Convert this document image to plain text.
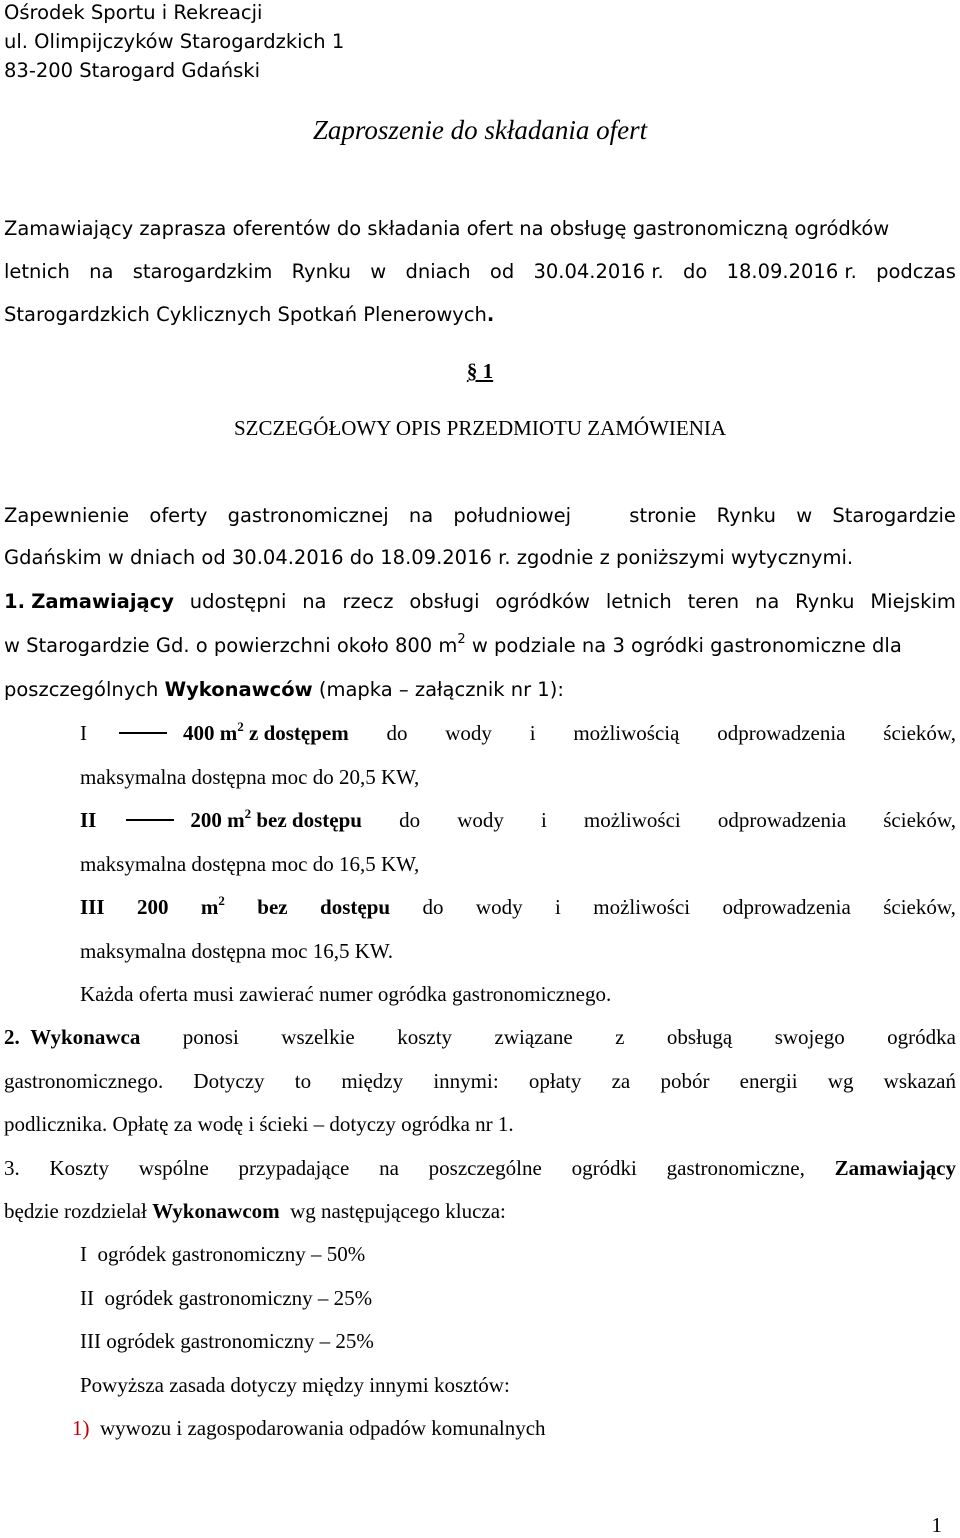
Ośrodek Sportu i Rekreacji
ul. Olimpijczyków Starogardzkich 1
83-200 Starogard Gdański
Zaproszenie do składania ofert
Zamawiający zaprasza oferentów do składania ofert na obsługę gastronomiczną ogródków
letnich na starogardzkim Rynku w dniach od 30.04.2016 r. do 18.09.2016 r. podczas
Starogardzkich Cyklicznych Spotkań Plenerowych.
§ 1
SZCZEGÓŁOWY OPIS PRZEDMIOTU ZAMÓWIENIA
Zapewnienie oferty gastronomicznej na południowej	stronie Rynku w Starogardzie
Gdańskim w dniach od 30.04.2016 do 18.09.2016 r. zgodnie z poniższymi wytycznymi.
1. Zamawiający udostępni na rzecz obsługi ogródków letnich teren na Rynku Miejskim
w Starogardzie Gd. o powierzchni około 800 $m^2$ w podziale na 3 ogródki gastronomiczne dla
poszczególnych Wykonawców (mapka – załącznik nr 1):
I	400 $m^2$ z dostępem do wody i możliwością odprowadzenia ścieków,
maksymalna dostępna moc do 20,5 KW,
II	200 $m^2$ bez dostępu do wody i możliwości odprowadzenia ścieków,
maksymalna dostępna moc do 16,5 KW,
III 200 $m^2$ bez dostępu do wody i możliwości odprowadzenia ścieków,
maksymalna dostępna moc 16,5 KW.
Każda oferta musi zawierać numer ogródka gastronomicznego.
2. Wykonawca ponosi wszelkie koszty związane z obsługą swojego ogródka
gastronomicznego. Dotyczy to między innymi: opłaty za pobór energii wg wskazań
podlicznika. Opłatę za wodę i ścieki – dotyczy ogródka nr 1.
3. Koszty wspólne przypadające na poszczególne ogródki gastronomiczne, Zamawiający
będzie rozdzielał Wykonawcom  wg następującego klucza:
I  ogródek gastronomiczny – 50%
II  ogródek gastronomiczny – 25%
III ogródek gastronomiczny – 25%
Powyższa zasada dotyczy między innymi kosztów:
1) wywozu i zagospodarowania odpadów komunalnych
1
